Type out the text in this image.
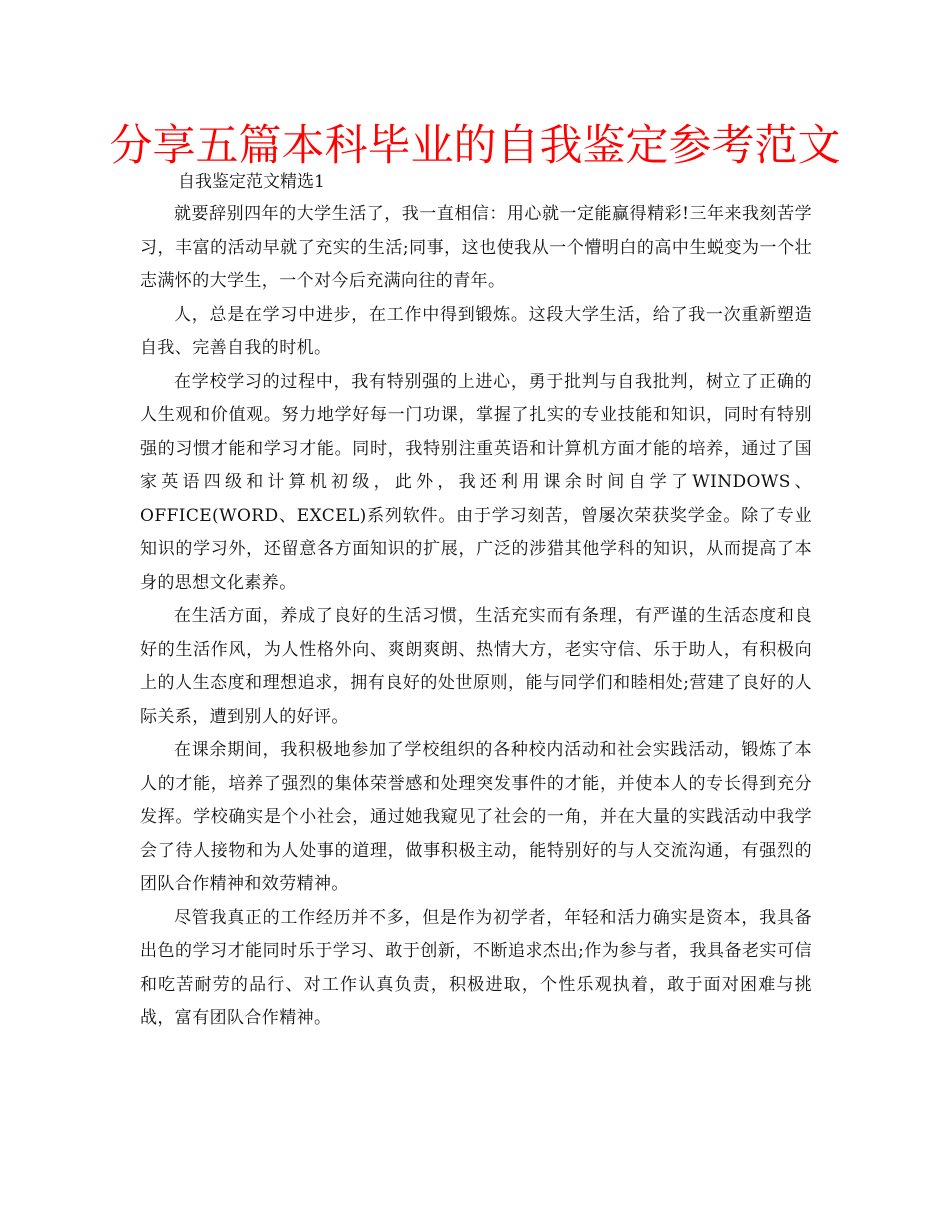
分享五篇本科毕业的自我鉴定参考范文
自我鉴定范文精选1

就要辞别四年的大学生活了，我一直相信：用心就一定能赢得精彩!三年来我刻苦学习，丰富的活动早就了充实的生活;同事，这也使我从一个懵明白的高中生蜕变为一个壮志满怀的大学生，一个对今后充满向往的青年。

人，总是在学习中进步，在工作中得到锻炼。这段大学生活，给了我一次重新塑造自我、完善自我的时机。

在学校学习的过程中，我有特别强的上进心，勇于批判与自我批判，树立了正确的人生观和价值观。努力地学好每一门功课，掌握了扎实的专业技能和知识，同时有特别强的习惯才能和学习才能。同时，我特别注重英语和计算机方面才能的培养，通过了国家英语四级和计算机初级，此外，我还利用课余时间自学了WINDOWS、OFFICE(WORD、EXCEL)系列软件。由于学习刻苦，曾屡次荣获奖学金。除了专业知识的学习外，还留意各方面知识的扩展，广泛的涉猎其他学科的知识，从而提高了本身的思想文化素养。

在生活方面，养成了良好的生活习惯，生活充实而有条理，有严谨的生活态度和良好的生活作风，为人性格外向、爽朗爽朗、热情大方，老实守信、乐于助人，有积极向上的人生态度和理想追求，拥有良好的处世原则，能与同学们和睦相处;营建了良好的人际关系，遭到别人的好评。

在课余期间，我积极地参加了学校组织的各种校内活动和社会实践活动，锻炼了本人的才能，培养了强烈的集体荣誉感和处理突发事件的才能，并使本人的专长得到充分发挥。学校确实是个小社会，通过她我窥见了社会的一角，并在大量的实践活动中我学会了待人接物和为人处事的道理，做事积极主动，能特别好的与人交流沟通，有强烈的团队合作精神和效劳精神。

尽管我真正的工作经历并不多，但是作为初学者，年轻和活力确实是资本，我具备出色的学习才能同时乐于学习、敢于创新，不断追求杰出;作为参与者，我具备老实可信和吃苦耐劳的品行、对工作认真负责，积极进取，个性乐观执着，敢于面对困难与挑战，富有团队合作精神。
